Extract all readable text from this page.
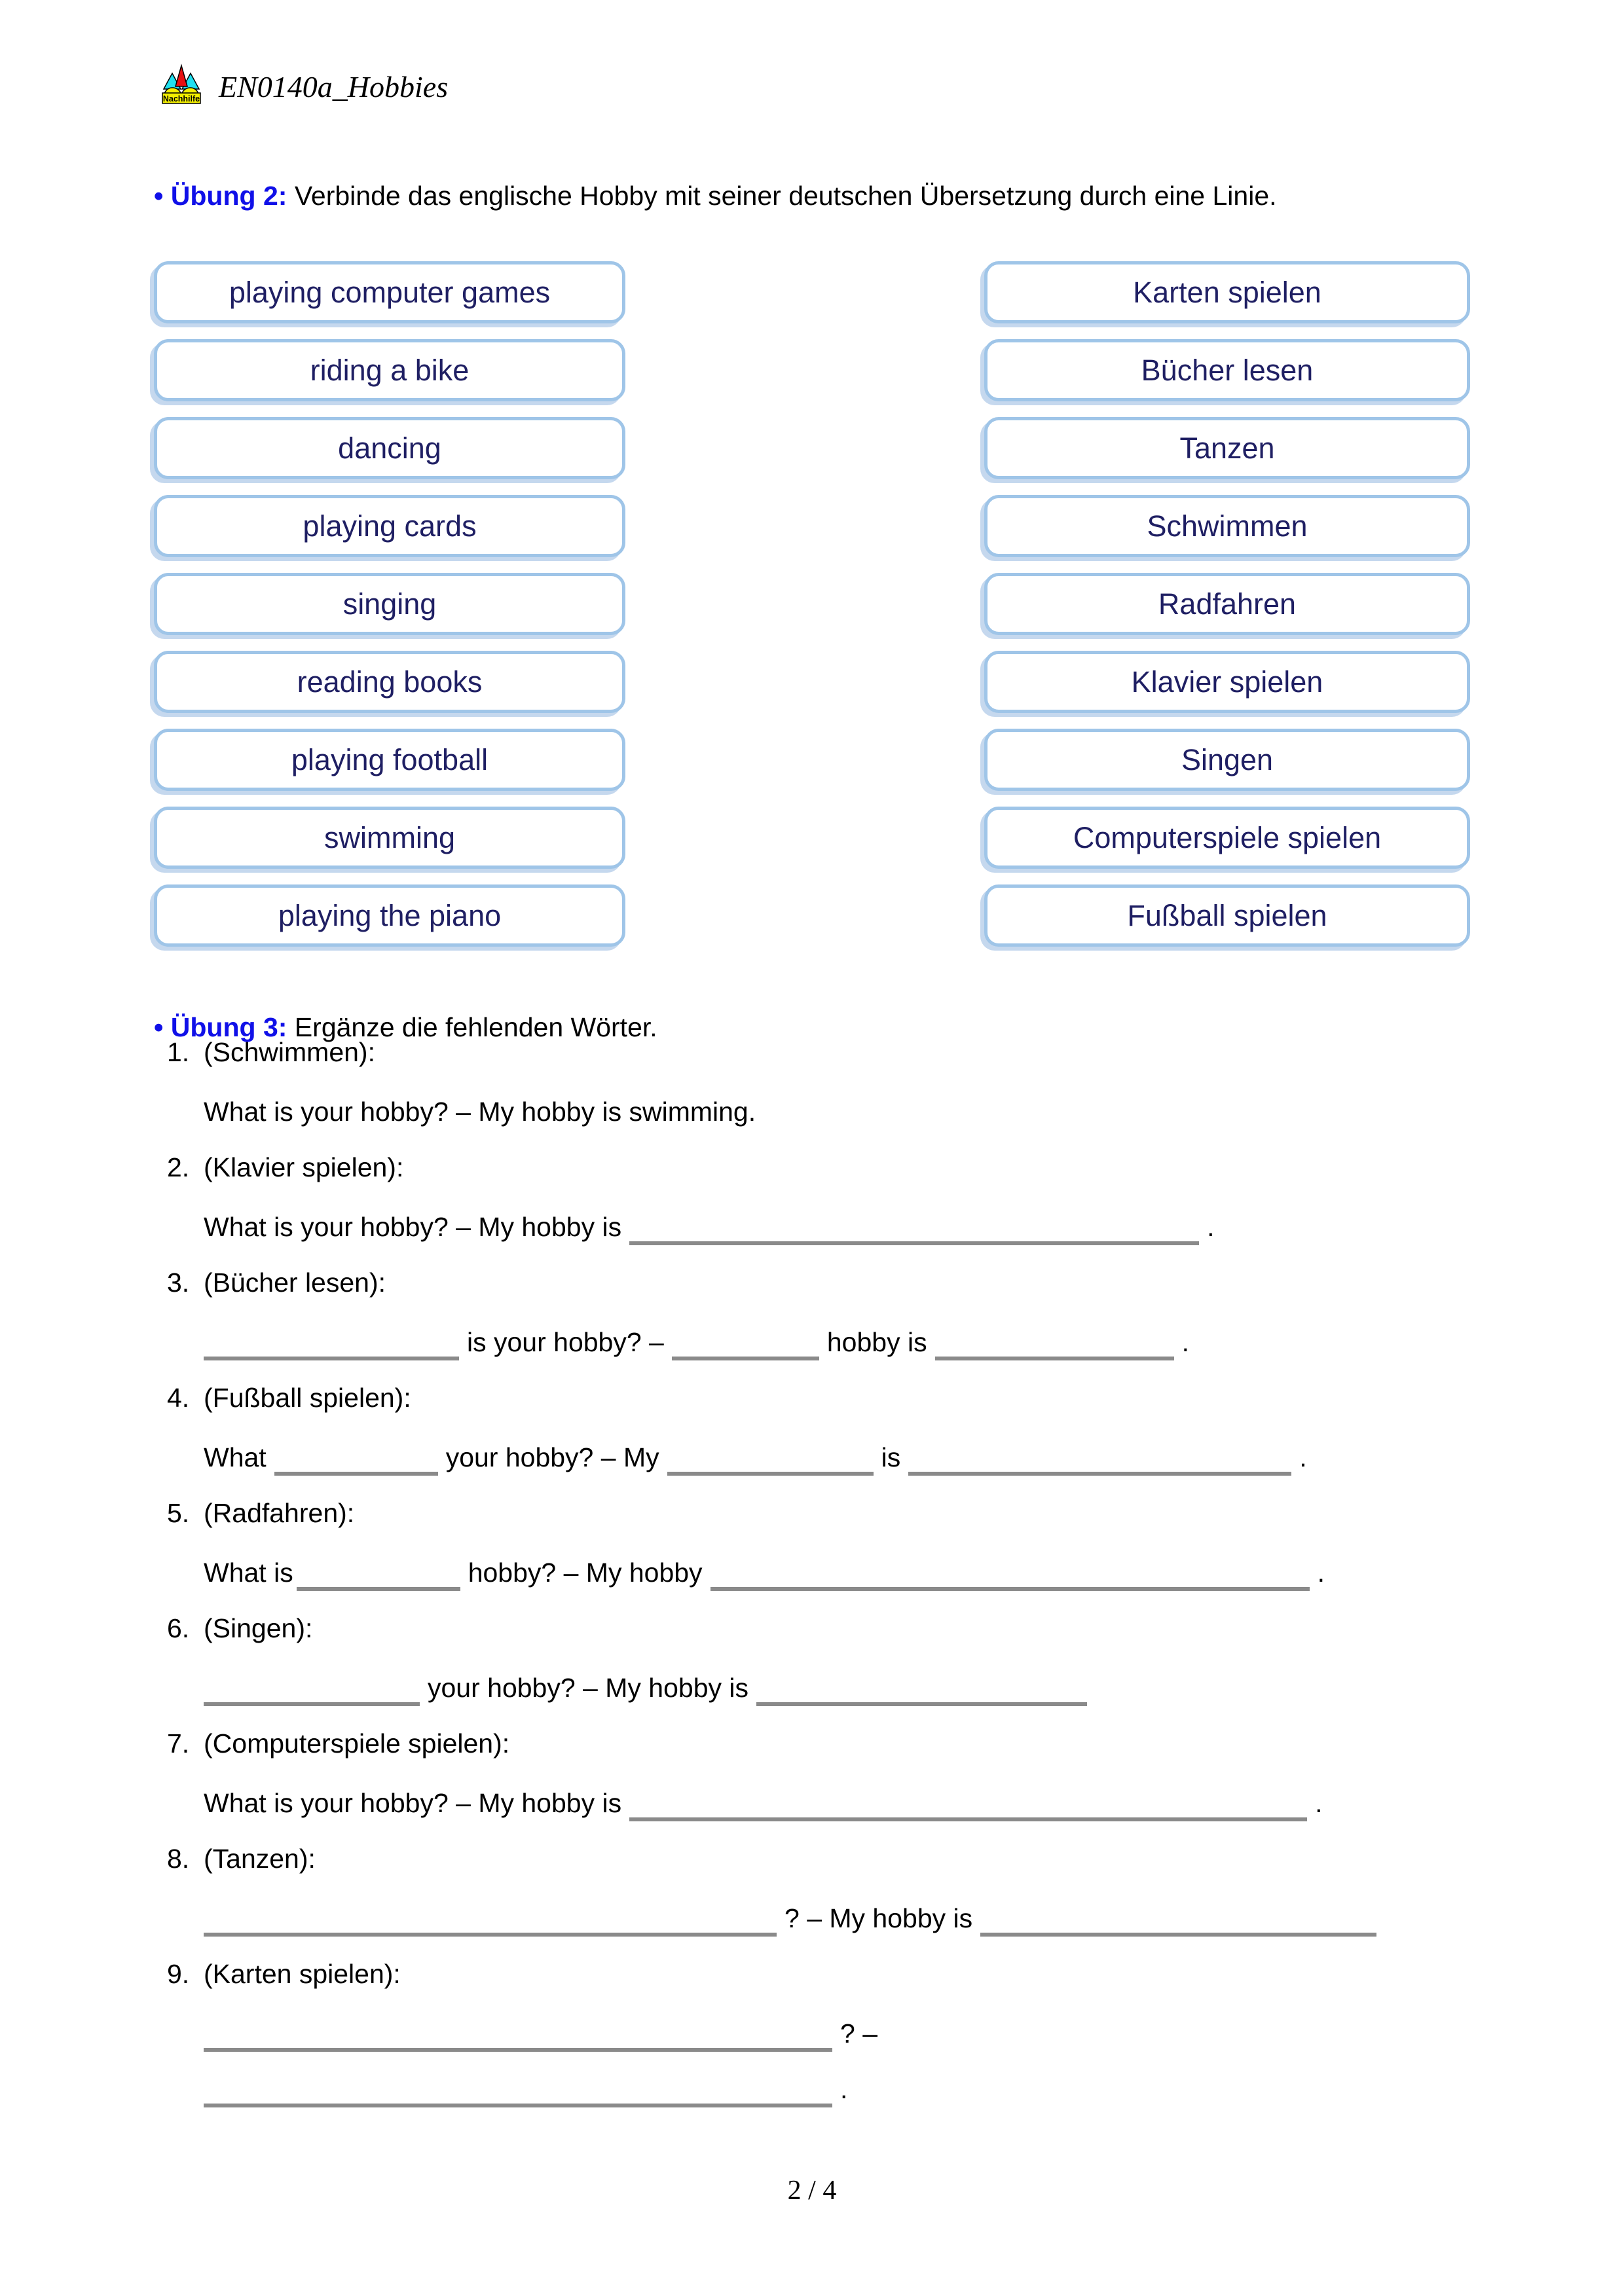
Nachhilfe EN0140a_Hobbies

• Übung 2: Verbinde das englische Hobby mit seiner deutschen Übersetzung durch eine Linie.

playing computer games
riding a bike
dancing
playing cards
singing
reading books
playing football
swimming
playing the piano
Karten spielen
Bücher lesen
Tanzen
Schwimmen
Radfahren
Klavier spielen
Singen
Computerspiele spielen
Fußball spielen

• Übung 3: Ergänze die fehlenden Wörter.

1. (Schwimmen):
What is your hobby? – My hobby is swimming.
2. (Klavier spielen):
What is your hobby? – My hobby is	.
3. (Bücher lesen):
is your hobby? –	hobby is	.
4. (Fußball spielen):
What	your hobby? – My	is	.
5. (Radfahren):
What is	hobby? – My hobby	.
6. (Singen):
your hobby? – My hobby is
7. (Computerspiele spielen):
What is your hobby? – My hobby is	.
8. (Tanzen):
? – My hobby is
9. (Karten spielen):
? –
.
2 / 4
